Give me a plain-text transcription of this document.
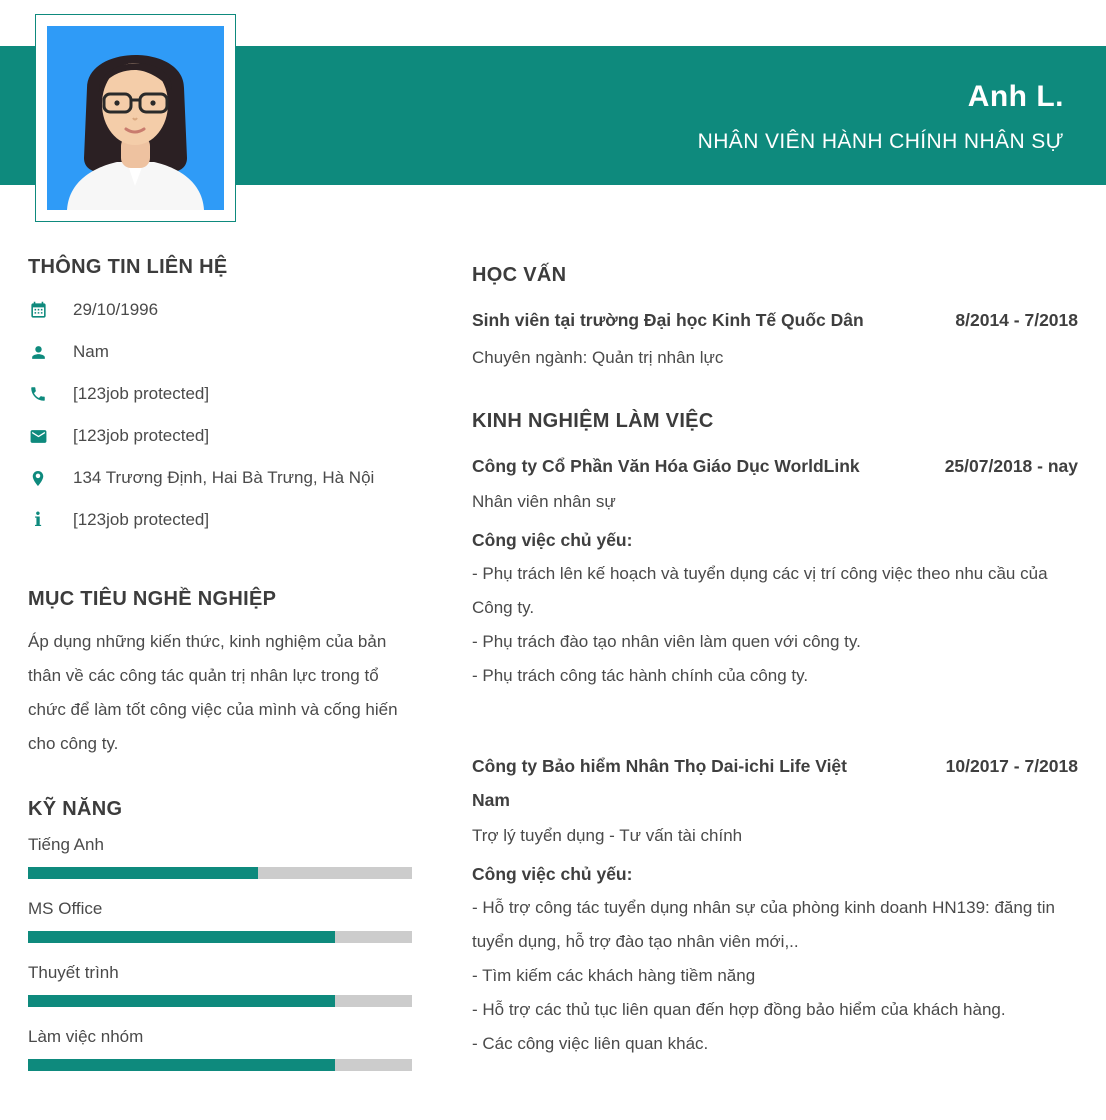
Anh L.
NHÂN VIÊN HÀNH CHÍNH NHÂN SỰ
THÔNG TIN LIÊN HỆ
29/10/1996
Nam
[123job protected]
[123job protected]
134 Trương Định, Hai Bà Trưng, Hà Nội
i [123job protected]
MỤC TIÊU NGHỀ NGHIỆP

Áp dụng những kiến thức, kinh nghiệm của bản thân về các công tác quản trị nhân lực trong tổ chức để làm tốt công việc của mình và cống hiến cho công ty.

KỸ NĂNG
Tiếng Anh
MS Office
Thuyết trình
Làm việc nhóm
HỌC VẤN
Sinh viên tại trường Đại học Kinh Tế Quốc Dân	8/2014 - 7/2018
Chuyên ngành: Quản trị nhân lực
KINH NGHIỆM LÀM VIỆC
Công ty Cổ Phần Văn Hóa Giáo Dục WorldLink	25/07/2018 - nay
Nhân viên nhân sự
Công việc chủ yếu:
- Phụ trách lên kế hoạch và tuyển dụng các vị trí công việc theo nhu cầu của Công ty.
- Phụ trách đào tạo nhân viên làm quen với công ty.
- Phụ trách công tác hành chính của công ty.
Công ty Bảo hiểm Nhân Thọ Dai-ichi Life Việt Nam
10/2017 - 7/2018
Trợ lý tuyển dụng - Tư vấn tài chính
Công việc chủ yếu:
- Hỗ trợ công tác tuyển dụng nhân sự của phòng kinh doanh HN139: đăng tin tuyển dụng, hỗ trợ đào tạo nhân viên mới,..
- Tìm kiếm các khách hàng tiềm năng
- Hỗ trợ các thủ tục liên quan đến hợp đồng bảo hiểm của khách hàng.
- Các công việc liên quan khác.
